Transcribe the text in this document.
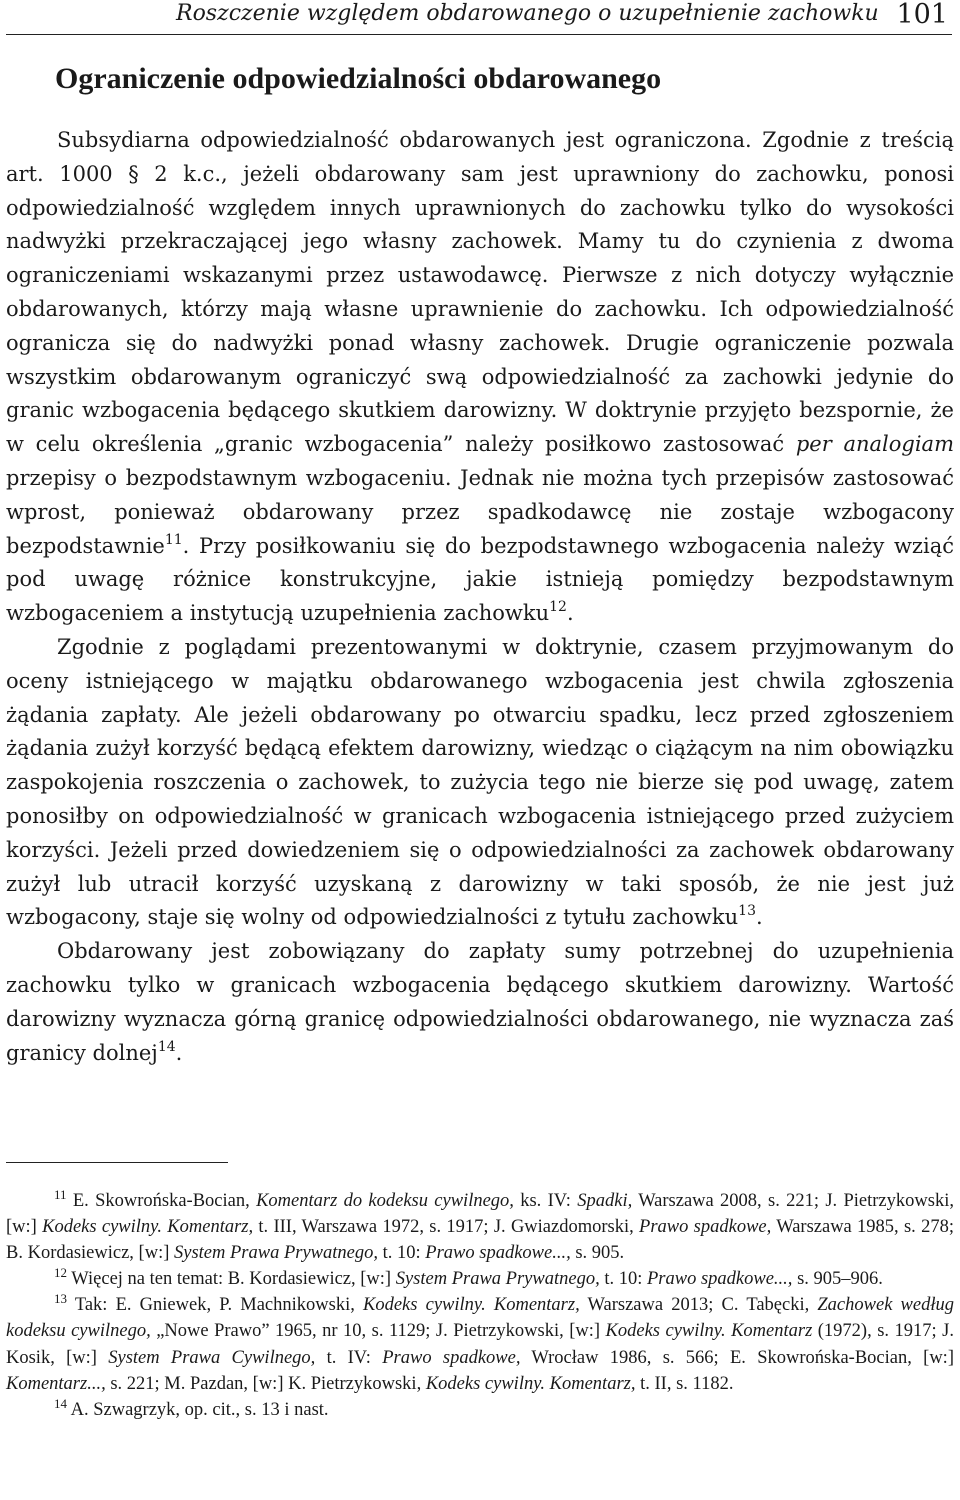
Roszczenie względem obdarowanego o uzupełnienie zachowku 101
Ograniczenie odpowiedzialności obdarowanego

Subsydiarna odpowiedzialność obdarowanych jest ograniczona. Zgodnie z treścią art. 1000 § 2 k.c., jeżeli obdarowany sam jest uprawniony do zachowku, ponosi odpowiedzialność względem innych uprawnionych do zachowku tylko do wysokości nadwyżki przekraczającej jego własny zachowek. Mamy tu do czynienia z dwoma ograniczeniami wskazanymi przez ustawodawcę. Pierwsze z nich dotyczy wyłącznie obdarowanych, którzy mają własne uprawnienie do zachowku. Ich odpowiedzialność ogranicza się do nadwyżki ponad własny zachowek. Drugie ograniczenie pozwala wszystkim obdarowanym ograniczyć swą odpowiedzialność za zachowki jedynie do granic wzbogacenia będącego skutkiem darowizny. W doktrynie przyjęto bezspornie, że w celu określenia „granic wzbogacenia” należy posiłkowo zastosować per analogiam przepisy o bezpodstawnym wzbogaceniu. Jednak nie można tych przepisów zastosować wprost, ponieważ obdarowany przez spadkodawcę nie zostaje wzbogacony bezpodstawnie$^{11}$. Przy posiłkowaniu się do bezpodstawnego wzbogacenia należy wziąć pod uwagę różnice konstrukcyjne, jakie istnieją pomiędzy bezpodstawnym wzbogaceniem a instytucją uzupełnienia zachowku$^{12}$.

Zgodnie z poglądami prezentowanymi w doktrynie, czasem przyjmowanym do oceny istniejącego w majątku obdarowanego wzbogacenia jest chwila zgłoszenia żądania zapłaty. Ale jeżeli obdarowany po otwarciu spadku, lecz przed zgłoszeniem żądania zużył korzyść będącą efektem darowizny, wiedząc o ciążącym na nim obowiązku zaspokojenia roszczenia o zachowek, to zużycia tego nie bierze się pod uwagę, zatem ponosiłby on odpowiedzialność w granicach wzbogacenia istniejącego przed zużyciem korzyści. Jeżeli przed dowiedzeniem się o odpowiedzialności za zachowek obdarowany zużył lub utracił korzyść uzyskaną z darowizny w taki sposób, że nie jest już wzbogacony, staje się wolny od odpowiedzialności z tytułu zachowku$^{13}$.

Obdarowany jest zobowiązany do zapłaty sumy potrzebnej do uzupełnienia zachowku tylko w granicach wzbogacenia będącego skutkiem darowizny. Wartość darowizny wyznacza górną granicę odpowiedzialności obdarowanego, nie wyznacza zaś granicy dolnej$^{14}$.

$^{11}$ E. Skowrońska-Bocian, Komentarz do kodeksu cywilnego, ks. IV: Spadki, Warszawa 2008, s. 221; J. Pietrzykowski, [w:] Kodeks cywilny. Komentarz, t. III, Warszawa 1972, s. 1917; J. Gwiazdomorski, Prawo spadkowe, Warszawa 1985, s. 278; B. Kordasiewicz, [w:] System Prawa Prywatnego, t. 10: Prawo spadkowe..., s. 905.

$^{12}$ Więcej na ten temat: B. Kordasiewicz, [w:] System Prawa Prywatnego, t. 10: Prawo spadkowe..., s. 905–906.

$^{13}$ Tak: E. Gniewek, P. Machnikowski, Kodeks cywilny. Komentarz, Warszawa 2013; C. Tabęcki, Zachowek według kodeksu cywilnego, „Nowe Prawo” 1965, nr 10, s. 1129; J. Pietrzykowski, [w:] Kodeks cywilny. Komentarz (1972), s. 1917; J. Kosik, [w:] System Prawa Cywilnego, t. IV: Prawo spadkowe, Wrocław 1986, s. 566; E. Skowrońska-Bocian, [w:] Komentarz..., s. 221; M. Pazdan, [w:] K. Pietrzykowski, Kodeks cywilny. Komentarz, t. II, s. 1182.

$^{14}$ A. Szwagrzyk, op. cit., s. 13 i nast.
